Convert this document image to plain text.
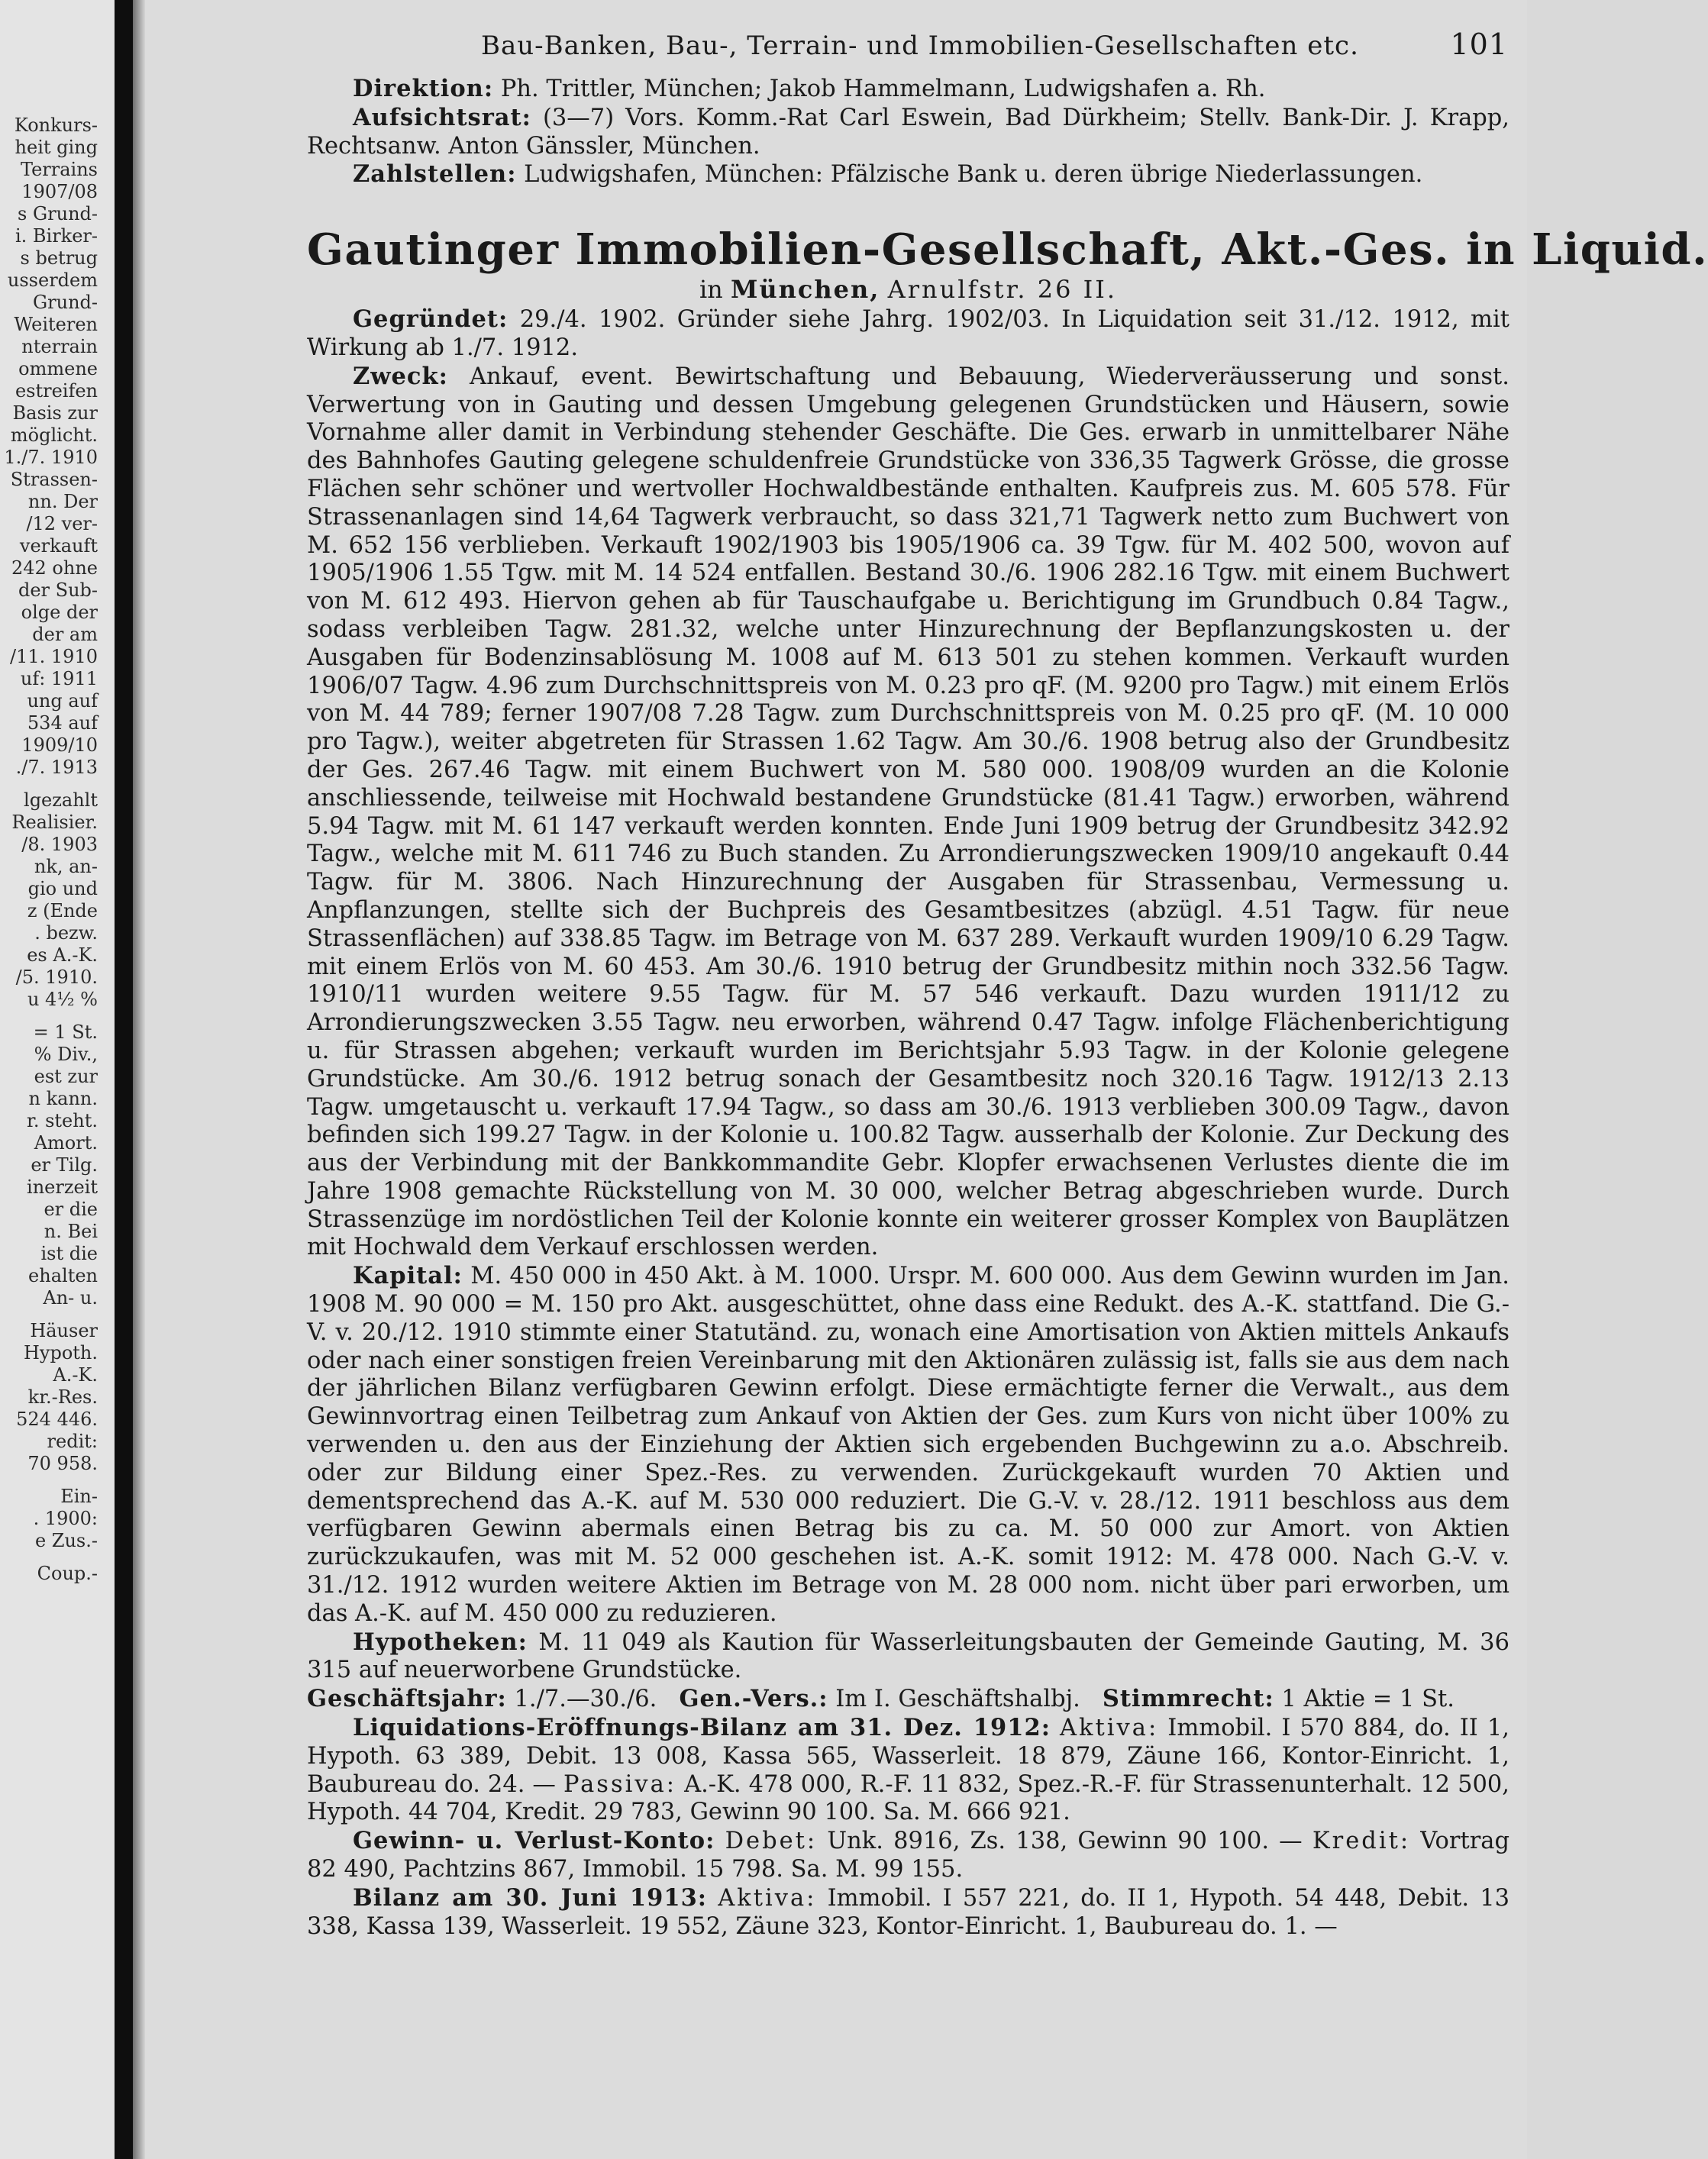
Konkurs-
heit ging
Terrains
1907/08
s Grund-
i. Birker-
s betrug
usserdem
Grund-
Weiteren
nterrain
ommene
estreifen
Basis zur
möglicht.
1./7. 1910
Strassen-
nn. Der
/12 ver-
verkauft
242 ohne
der Sub-
olge der
der am
/11. 1910
uf: 1911
ung auf
534 auf
1909/10
./7. 1913
lgezahlt
Realisier.
/8. 1903
nk, an-
gio und
z (Ende
. bezw.
es A.-K.
/5. 1910.
u 4½ %
= 1 St.
% Div.,
est zur
n kann.
r. steht.
Amort.
er Tilg.
inerzeit
er die
n. Bei
ist die
ehalten
An- u.
Häuser
Hypoth.
A.-K.
kr.-Res.
524 446.
redit:
70 958.
Ein-
. 1900:
e Zus.-
Coup.-
Bau-Banken, Bau-, Terrain- und Immobilien-Gesellschaften etc.	101

Direktion: Ph. Trittler, München; Jakob Hammelmann, Ludwigshafen a. Rh.

Aufsichtsrat: (3—7) Vors. Komm.-Rat Carl Eswein, Bad Dürkheim; Stellv. Bank-Dir. J. Krapp, Rechtsanw. Anton Gänssler, München.

Zahlstellen: Ludwigshafen, München: Pfälzische Bank u. deren übrige Niederlassungen.

Gautinger Immobilien-Gesellschaft, Akt.-Ges. in Liquid.
in München, Arnulfstr. 26 II.

Gegründet: 29./4. 1902. Gründer siehe Jahrg. 1902/03. In Liquidation seit 31./12. 1912, mit Wirkung ab 1./7. 1912.

Zweck: Ankauf, event. Bewirtschaftung und Bebauung, Wiederveräusserung und sonst. Verwertung von in Gauting und dessen Umgebung gelegenen Grundstücken und Häusern, sowie Vornahme aller damit in Verbindung stehender Geschäfte. Die Ges. erwarb in unmittelbarer Nähe des Bahnhofes Gauting gelegene schuldenfreie Grundstücke von 336,35 Tagwerk Grösse, die grosse Flächen sehr schöner und wertvoller Hochwaldbestände enthalten. Kaufpreis zus. M. 605 578. Für Strassenanlagen sind 14,64 Tagwerk verbraucht, so dass 321,71 Tagwerk netto zum Buchwert von M. 652 156 verblieben. Verkauft 1902/1903 bis 1905/1906 ca. 39 Tgw. für M. 402 500, wovon auf 1905/1906 1.55 Tgw. mit M. 14 524 entfallen. Bestand 30./6. 1906 282.16 Tgw. mit einem Buchwert von M. 612 493. Hiervon gehen ab für Tauschaufgabe u. Berichtigung im Grundbuch 0.84 Tagw., sodass verbleiben Tagw. 281.32, welche unter Hinzurechnung der Bepflanzungskosten u. der Ausgaben für Bodenzinsablösung M. 1008 auf M. 613 501 zu stehen kommen. Verkauft wurden 1906/07 Tagw. 4.96 zum Durchschnittspreis von M. 0.23 pro qF. (M. 9200 pro Tagw.) mit einem Erlös von M. 44 789; ferner 1907/08 7.28 Tagw. zum Durchschnittspreis von M. 0.25 pro qF. (M. 10 000 pro Tagw.), weiter abgetreten für Strassen 1.62 Tagw. Am 30./6. 1908 betrug also der Grundbesitz der Ges. 267.46 Tagw. mit einem Buchwert von M. 580 000. 1908/09 wurden an die Kolonie anschliessende, teilweise mit Hochwald bestandene Grundstücke (81.41 Tagw.) erworben, während 5.94 Tagw. mit M. 61 147 verkauft werden konnten. Ende Juni 1909 betrug der Grundbesitz 342.92 Tagw., welche mit M. 611 746 zu Buch standen. Zu Arrondierungszwecken 1909/10 angekauft 0.44 Tagw. für M. 3806. Nach Hinzurechnung der Ausgaben für Strassenbau, Vermessung u. Anpflanzungen, stellte sich der Buchpreis des Gesamtbesitzes (abzügl. 4.51 Tagw. für neue Strassenflächen) auf 338.85 Tagw. im Betrage von M. 637 289. Verkauft wurden 1909/10 6.29 Tagw. mit einem Erlös von M. 60 453. Am 30./6. 1910 betrug der Grundbesitz mithin noch 332.56 Tagw. 1910/11 wurden weitere 9.55 Tagw. für M. 57 546 verkauft. Dazu wurden 1911/12 zu Arrondierungszwecken 3.55 Tagw. neu erworben, während 0.47 Tagw. infolge Flächenberichtigung u. für Strassen abgehen; verkauft wurden im Berichtsjahr 5.93 Tagw. in der Kolonie gelegene Grundstücke. Am 30./6. 1912 betrug sonach der Gesamtbesitz noch 320.16 Tagw. 1912/13 2.13 Tagw. umgetauscht u. verkauft 17.94 Tagw., so dass am 30./6. 1913 verblieben 300.09 Tagw., davon befinden sich 199.27 Tagw. in der Kolonie u. 100.82 Tagw. ausserhalb der Kolonie. Zur Deckung des aus der Verbindung mit der Bankkommandite Gebr. Klopfer erwachsenen Verlustes diente die im Jahre 1908 gemachte Rückstellung von M. 30 000, welcher Betrag abgeschrieben wurde. Durch Strassenzüge im nordöstlichen Teil der Kolonie konnte ein weiterer grosser Komplex von Bauplätzen mit Hochwald dem Verkauf erschlossen werden.

Kapital: M. 450 000 in 450 Akt. à M. 1000. Urspr. M. 600 000. Aus dem Gewinn wurden im Jan. 1908 M. 90 000 = M. 150 pro Akt. ausgeschüttet, ohne dass eine Redukt. des A.-K. stattfand. Die G.-V. v. 20./12. 1910 stimmte einer Statutänd. zu, wonach eine Amortisation von Aktien mittels Ankaufs oder nach einer sonstigen freien Vereinbarung mit den Aktionären zulässig ist, falls sie aus dem nach der jährlichen Bilanz verfügbaren Gewinn erfolgt. Diese ermächtigte ferner die Verwalt., aus dem Gewinnvortrag einen Teilbetrag zum Ankauf von Aktien der Ges. zum Kurs von nicht über 100% zu verwenden u. den aus der Einziehung der Aktien sich ergebenden Buchgewinn zu a.o. Abschreib. oder zur Bildung einer Spez.-Res. zu verwenden. Zurückgekauft wurden 70 Aktien und dementsprechend das A.-K. auf M. 530 000 reduziert. Die G.-V. v. 28./12. 1911 beschloss aus dem verfügbaren Gewinn abermals einen Betrag bis zu ca. M. 50 000 zur Amort. von Aktien zurückzukaufen, was mit M. 52 000 geschehen ist. A.-K. somit 1912: M. 478 000. Nach G.-V. v. 31./12. 1912 wurden weitere Aktien im Betrage von M. 28 000 nom. nicht über pari erworben, um das A.-K. auf M. 450 000 zu reduzieren.

Hypotheken: M. 11 049 als Kaution für Wasserleitungsbauten der Gemeinde Gauting, M. 36 315 auf neuerworbene Grundstücke.

Geschäftsjahr: 1./7.—30./6. Gen.-Vers.: Im I. Geschäftshalbj. Stimmrecht: 1 Aktie = 1 St.

Liquidations-Eröffnungs-Bilanz am 31. Dez. 1912: Aktiva: Immobil. I 570 884, do. II 1, Hypoth. 63 389, Debit. 13 008, Kassa 565, Wasserleit. 18 879, Zäune 166, Kontor-Einricht. 1, Baubureau do. 24. — Passiva: A.-K. 478 000, R.-F. 11 832, Spez.-R.-F. für Strassenunterhalt. 12 500, Hypoth. 44 704, Kredit. 29 783, Gewinn 90 100. Sa. M. 666 921.

Gewinn- u. Verlust-Konto: Debet: Unk. 8916, Zs. 138, Gewinn 90 100. — Kredit: Vortrag 82 490, Pachtzins 867, Immobil. 15 798. Sa. M. 99 155.

Bilanz am 30. Juni 1913: Aktiva: Immobil. I 557 221, do. II 1, Hypoth. 54 448, Debit. 13 338, Kassa 139, Wasserleit. 19 552, Zäune 323, Kontor-Einricht. 1, Baubureau do. 1. —
